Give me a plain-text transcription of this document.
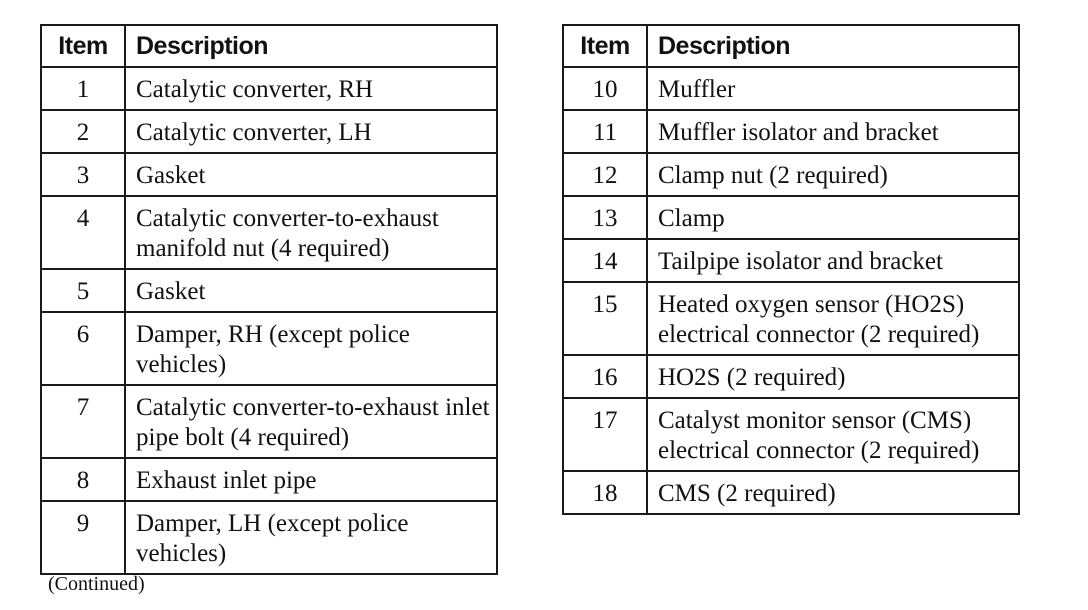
Item	Description
1	Catalytic converter, RH
2	Catalytic converter, LH
3	Gasket
4	Catalytic converter-to-exhaust manifold nut (4 required)
5	Gasket
6	Damper, RH (except police vehicles)
7	Catalytic converter-to-exhaust inlet pipe bolt (4 required)
8	Exhaust inlet pipe
9	Damper, LH (except police vehicles)
Item	Description
10	Muffler
11	Muffler isolator and bracket
12	Clamp nut (2 required)
13	Clamp
14	Tailpipe isolator and bracket
15	Heated oxygen sensor (HO2S) electrical connector (2 required)
16	HO2S (2 required)
17	Catalyst monitor sensor (CMS) electrical connector (2 required)
18	CMS (2 required)
(Continued)
